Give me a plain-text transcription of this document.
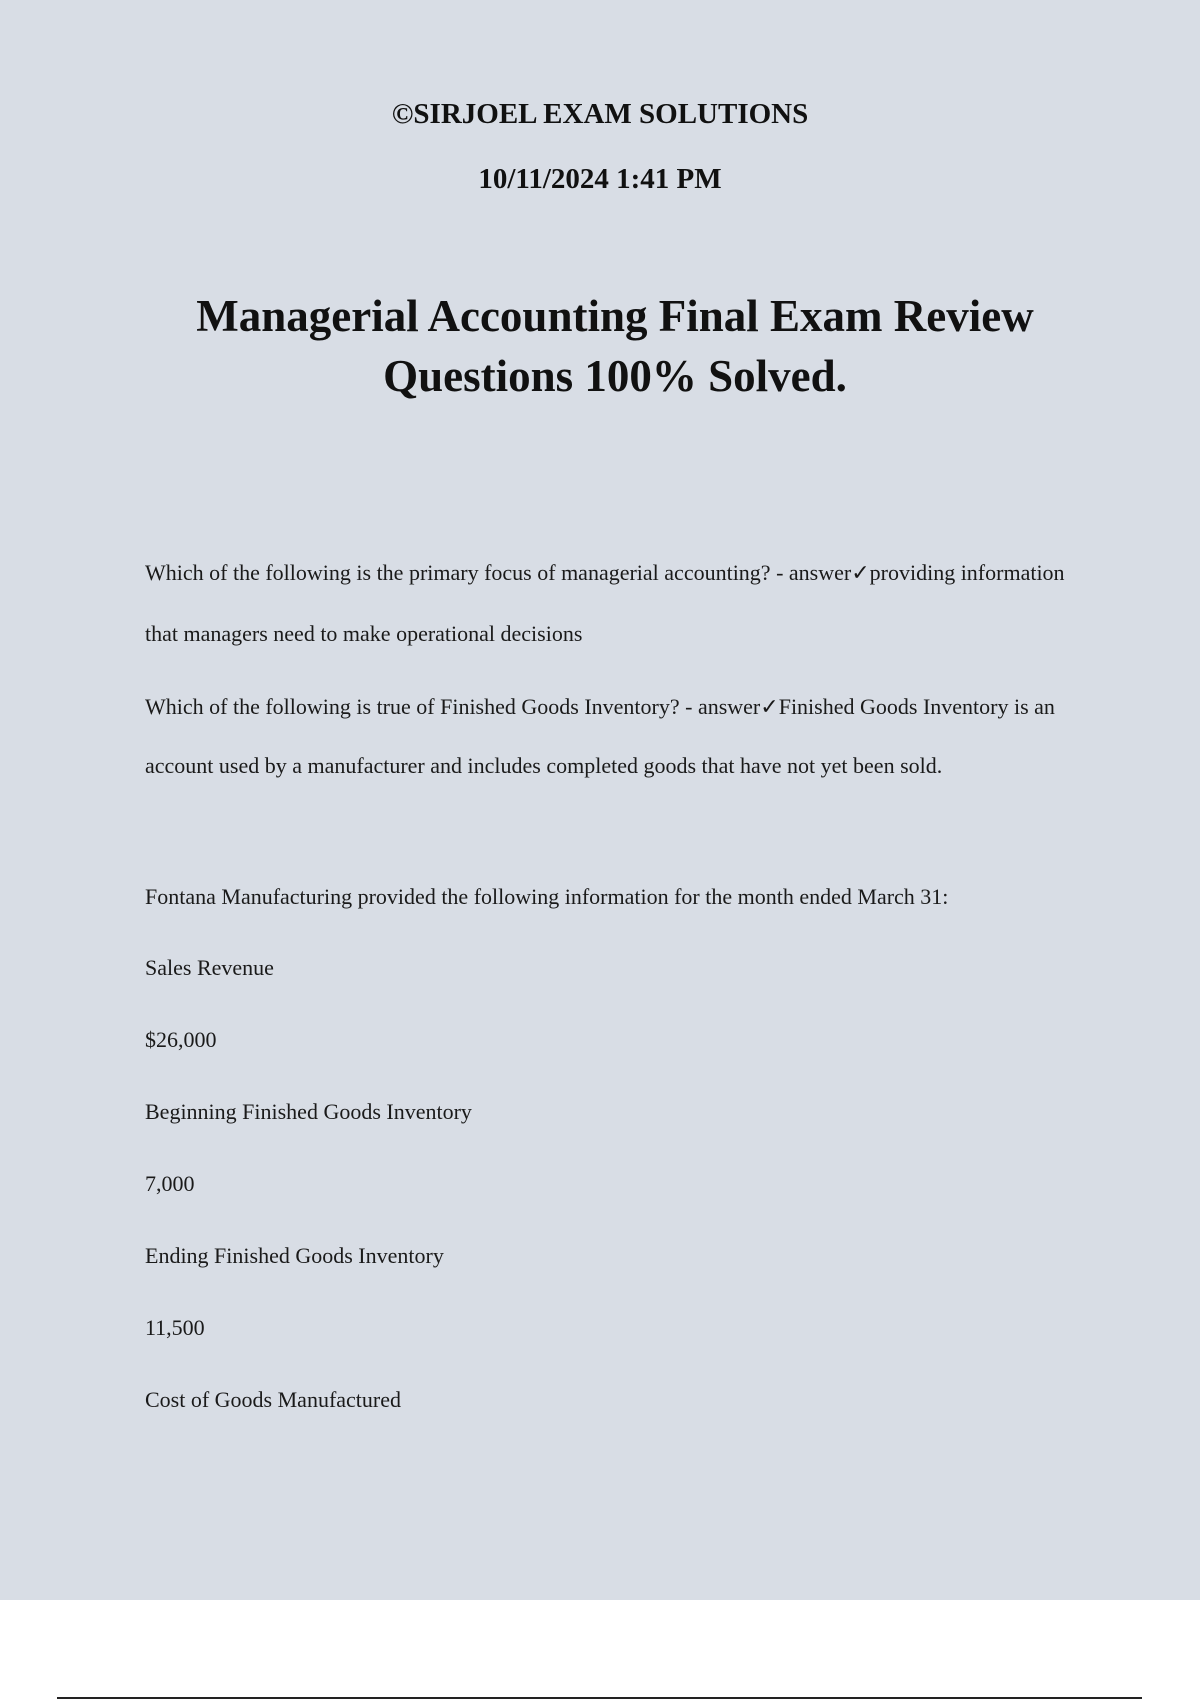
©SIRJOEL EXAM SOLUTIONS
10/11/2024 1:41 PM
Managerial Accounting Final Exam Review Questions 100% Solved.
Which of the following is the primary focus of managerial accounting? - answer✓providing information that managers need to make operational decisions
Which of the following is true of Finished Goods Inventory? - answer✓Finished Goods Inventory is an account used by a manufacturer and includes completed goods that have not yet been sold.
Fontana Manufacturing provided the following information for the month ended March 31:
Sales Revenue
$26,000
Beginning Finished Goods Inventory
7,000
Ending Finished Goods Inventory
11,500
Cost of Goods Manufactured
